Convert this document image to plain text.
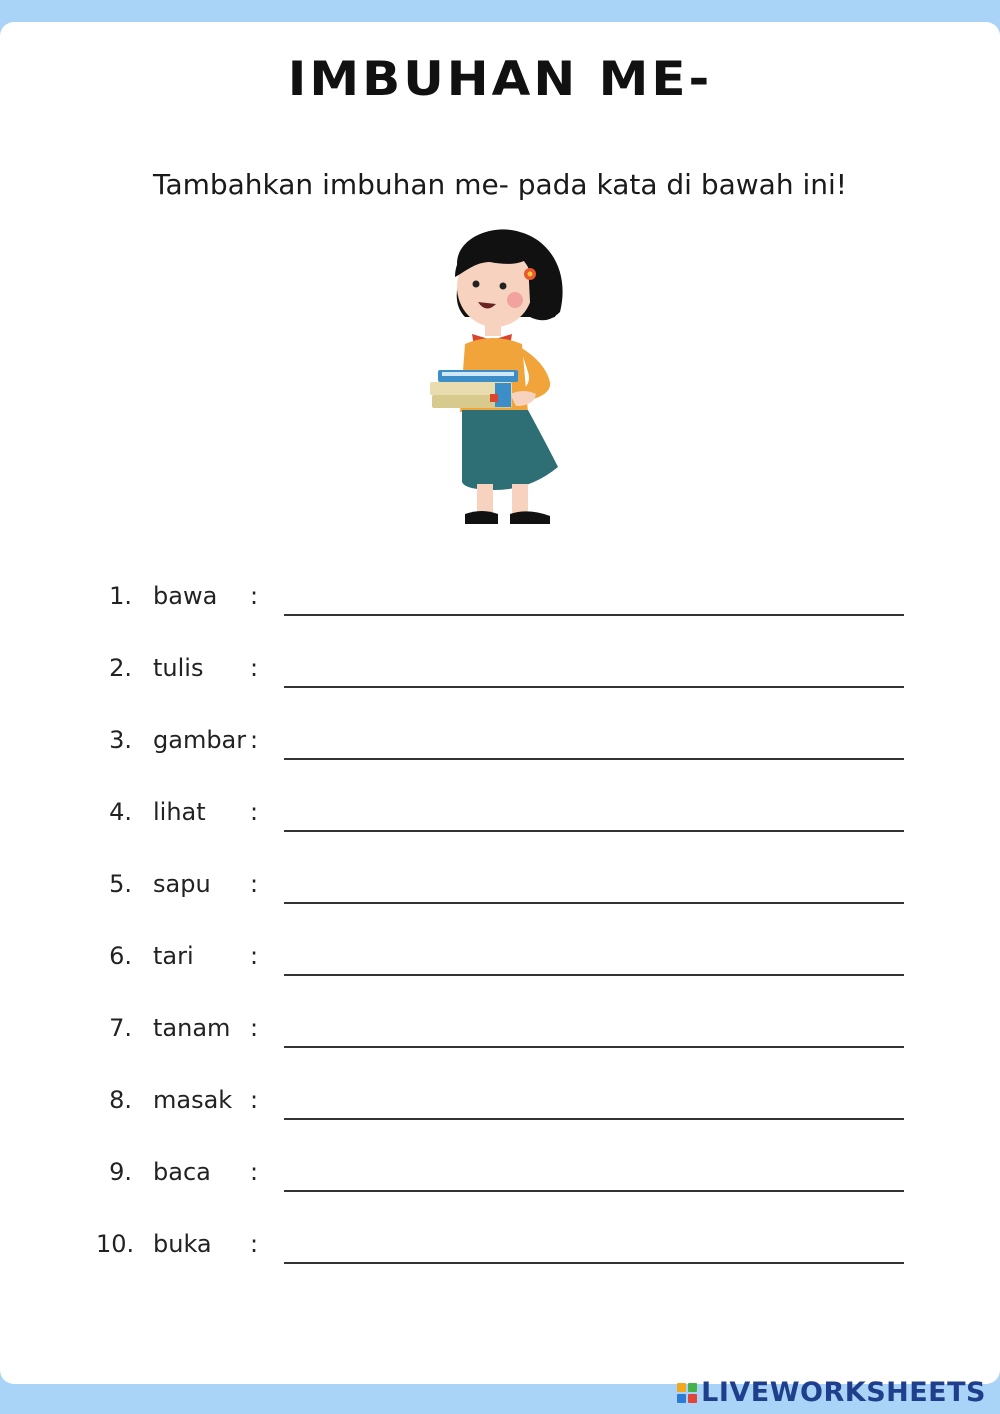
IMBUHAN ME-
Tambahkan imbuhan me- pada kata di bawah ini!
1. bawa :
2. tulis :
3. gambar :
4. lihat :
5. sapu :
6. tari :
7. tanam :
8. masak :
9. baca :
10. buka :
LIVEWORKSHEETS
